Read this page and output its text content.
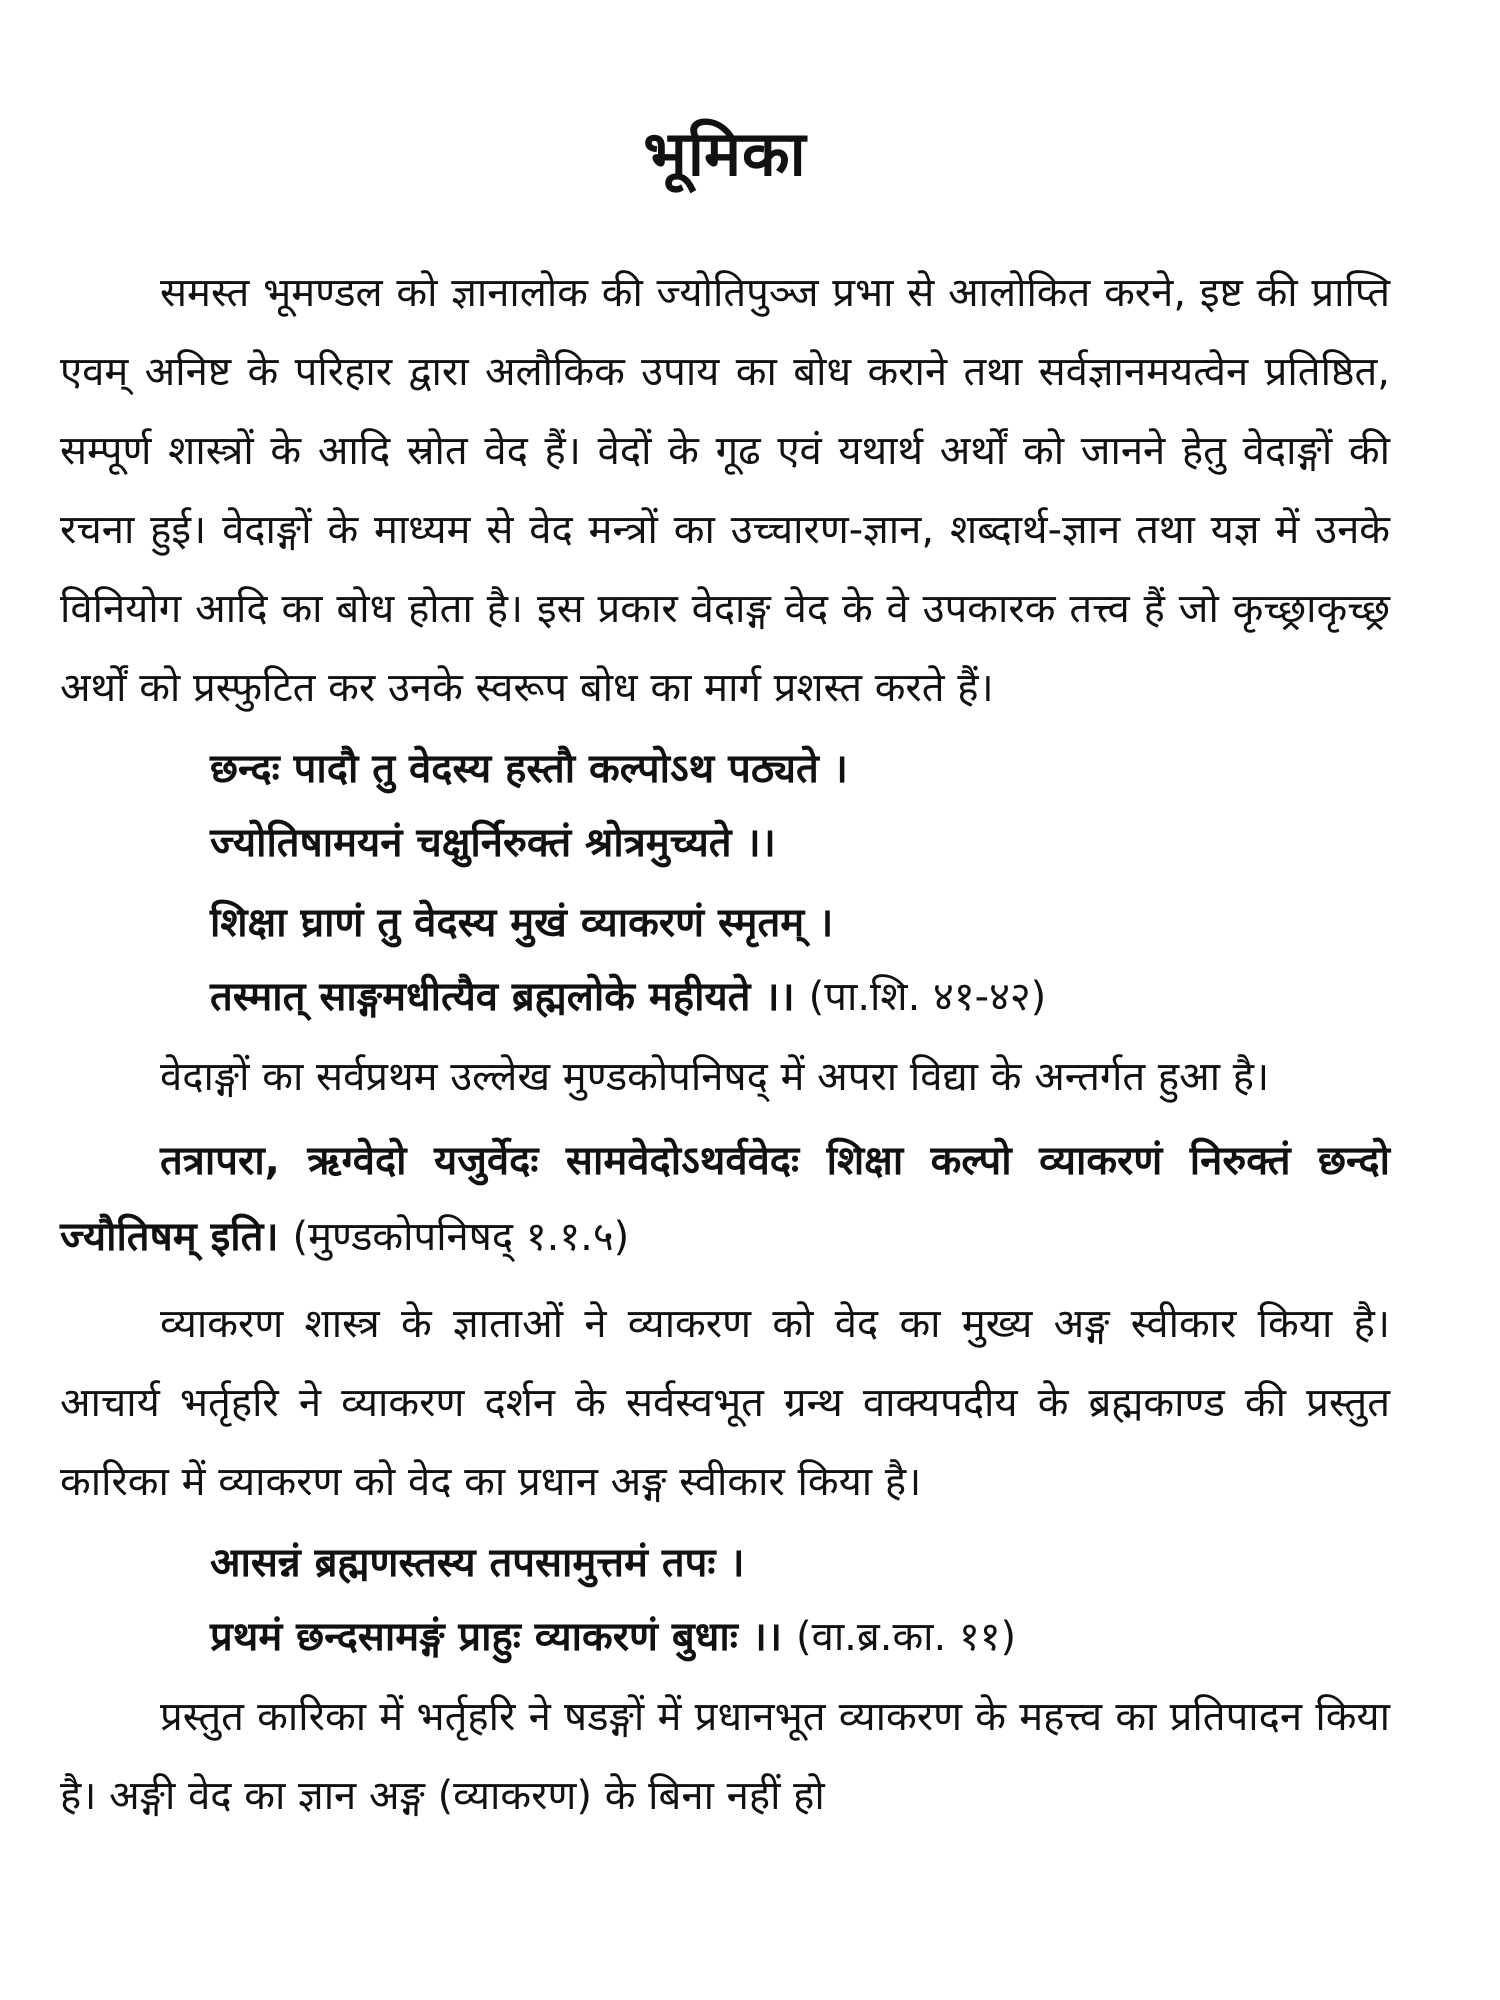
भूमिका

समस्त भूमण्डल को ज्ञानालोक की ज्योतिपुञ्ज प्रभा से आलोकित करने, इष्ट की प्राप्ति एवम् अनिष्ट के परिहार द्वारा अलौकिक उपाय का बोध कराने तथा सर्वज्ञानमयत्वेन प्रतिष्ठित, सम्पूर्ण शास्त्रों के आदि स्रोत वेद हैं। वेदों के गूढ एवं यथार्थ अर्थों को जानने हेतु वेदाङ्गों की रचना हुई। वेदाङ्गों के माध्यम से वेद मन्त्रों का उच्चारण-ज्ञान, शब्दार्थ-ज्ञान तथा यज्ञ में उनके विनियोग आदि का बोध होता है। इस प्रकार वेदाङ्ग वेद के वे उपकारक तत्त्व हैं जो कृच्छ्राकृच्छ्र अर्थों को प्रस्फुटित कर उनके स्वरूप बोध का मार्ग प्रशस्त करते हैं।

छन्दः पादौ तु वेदस्य हस्तौ कल्पोऽथ पठ्यते ।
ज्योतिषामयनं चक्षुर्निरुक्तं श्रोत्रमुच्यते ।।
शिक्षा घ्राणं तु वेदस्य मुखं व्याकरणं स्मृतम् ।
तस्मात् साङ्गमधीत्यैव ब्रह्मलोके महीयते ।। (पा.शि. ४१-४२)

वेदाङ्गों का सर्वप्रथम उल्लेख मुण्डकोपनिषद् में अपरा विद्या के अन्तर्गत हुआ है।

तत्रापरा, ऋग्वेदो यजुर्वेदः सामवेदोऽथर्ववेदः शिक्षा कल्पो व्याकरणं निरुक्तं छन्दो ज्यौतिषम् इति। (मुण्डकोपनिषद् १.१.५)

व्याकरण शास्त्र के ज्ञाताओं ने व्याकरण को वेद का मुख्य अङ्ग स्वीकार किया है। आचार्य भर्तृहरि ने व्याकरण दर्शन के सर्वस्वभूत ग्रन्थ वाक्यपदीय के ब्रह्मकाण्ड की प्रस्तुत कारिका में व्याकरण को वेद का प्रधान अङ्ग स्वीकार किया है।

आसन्नं ब्रह्मणस्तस्य तपसामुत्तमं तपः ।
प्रथमं छन्दसामङ्गं प्राहुः व्याकरणं बुधाः ।। (वा.ब्र.का. ११)

प्रस्तुत कारिका में भर्तृहरि ने षडङ्गों में प्रधानभूत व्याकरण के महत्त्व का प्रतिपादन किया है। अङ्गी वेद का ज्ञान अङ्ग (व्याकरण) के बिना नहीं हो
